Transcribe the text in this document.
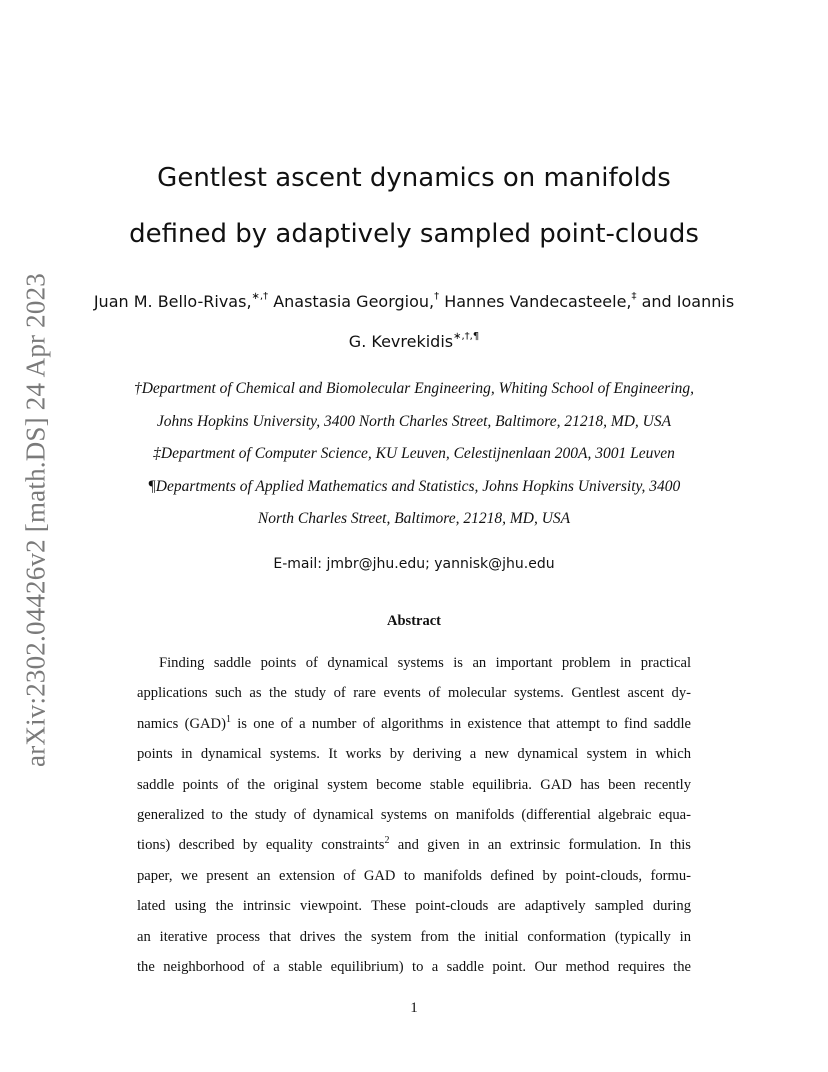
arXiv:2302.04426v2 [math.DS] 24 Apr 2023
Gentlest ascent dynamics on manifolds
defined by adaptively sampled point-clouds
Juan M. Bello-Rivas,∗,† Anastasia Georgiou,† Hannes Vandecasteele,‡ and Ioannis
G. Kevrekidis∗,†,¶
†Department of Chemical and Biomolecular Engineering, Whiting School of Engineering,
Johns Hopkins University, 3400 North Charles Street, Baltimore, 21218, MD, USA
‡Department of Computer Science, KU Leuven, Celestijnenlaan 200A, 3001 Leuven
¶Departments of Applied Mathematics and Statistics, Johns Hopkins University, 3400
North Charles Street, Baltimore, 21218, MD, USA
E-mail: jmbr@jhu.edu; yannisk@jhu.edu
Abstract
Finding saddle points of dynamical systems is an important problem in practical
applications such as the study of rare events of molecular systems. Gentlest ascent dy-
namics (GAD)$^1$ is one of a number of algorithms in existence that attempt to find saddle
points in dynamical systems. It works by deriving a new dynamical system in which
saddle points of the original system become stable equilibria. GAD has been recently
generalized to the study of dynamical systems on manifolds (differential algebraic equa-
tions) described by equality constraints$^2$ and given in an extrinsic formulation. In this
paper, we present an extension of GAD to manifolds defined by point-clouds, formu-
lated using the intrinsic viewpoint. These point-clouds are adaptively sampled during
an iterative process that drives the system from the initial conformation (typically in
the neighborhood of a stable equilibrium) to a saddle point. Our method requires the
1
